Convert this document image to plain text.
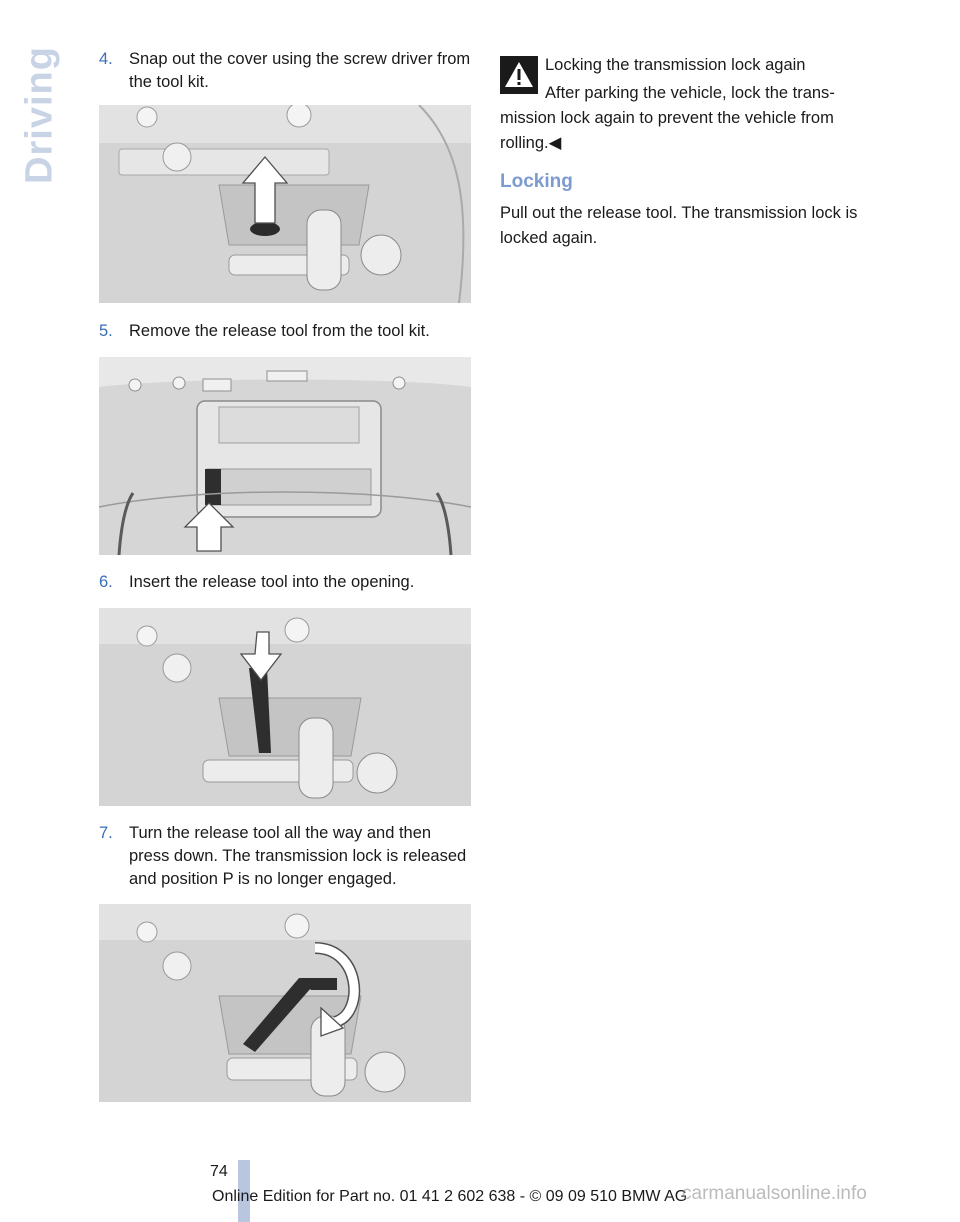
Driving 4. Snap out the cover using the screw driver from the tool kit.
5. Remove the release tool from the tool kit.
6. Insert the release tool into the opening.
7. Turn the release tool all the way and then press down. The transmission lock is released and position P is no longer engaged.
Locking the transmission lock again
After parking the vehicle, lock the transmission lock again to prevent the vehicle from rolling.◀
Locking
Pull out the release tool. The transmission lock is locked again.
74
Online Edition for Part no. 01 41 2 602 638 - © 09 09 510 BMW AG
carmanualsonline.info
